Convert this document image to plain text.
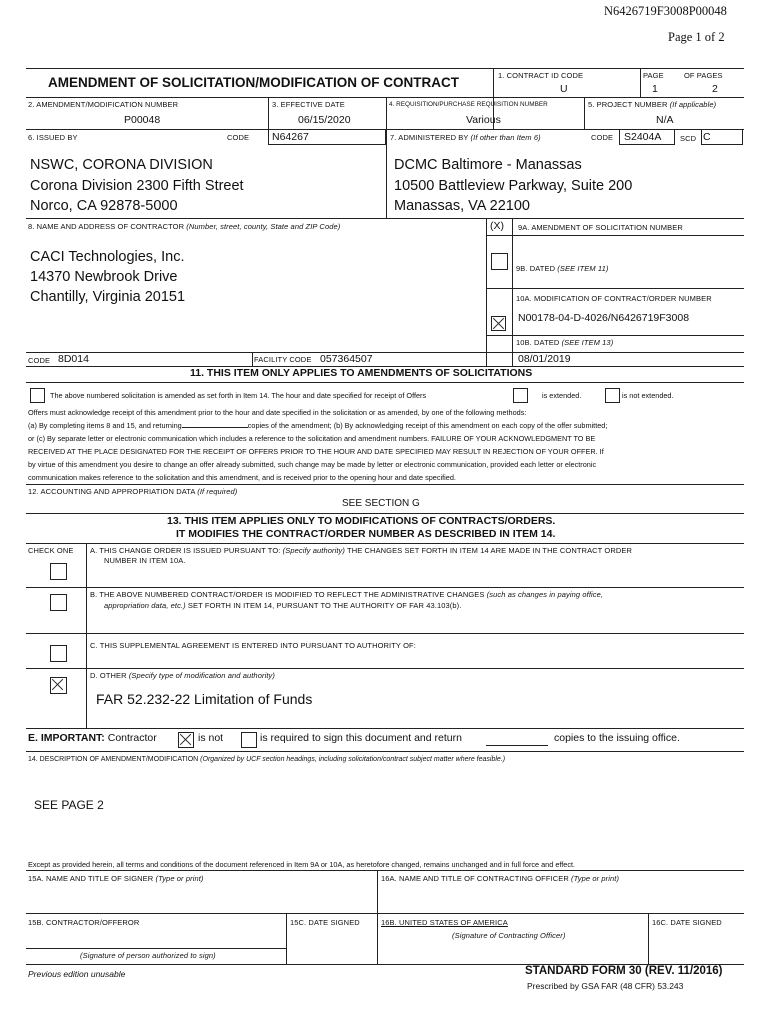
N6426719F3008P00048
Page 1 of 2
AMENDMENT OF SOLICITATION/MODIFICATION OF CONTRACT	1. CONTRACT ID CODE
U
PAGE	OF PAGES
1	2
2. AMENDMENT/MODIFICATION NUMBER
P00048
3. EFFECTIVE DATE
06/15/2020
4. REQUISITION/PURCHASE REQUISITION NUMBER
Various
5. PROJECT NUMBER (If applicable)
N/A
6. ISSUED BY	CODE N64267
NSWC, CORONA DIVISION
Corona Division 2300 Fifth Street
Norco, CA 92878-5000
7. ADMINISTERED BY (If other than Item 6)	CODE S2404A SCD C
DCMC Baltimore - Manassas
10500 Battleview Parkway, Suite 200
Manassas, VA 22100
8. NAME AND ADDRESS OF CONTRACTOR (Number, street, county, State and ZIP Code)
CACI Technologies, Inc.
14370 Newbrook Drive
Chantilly, Virginia 20151
CODE 8D014	FACILITY CODE 057364507
(X) 9A. AMENDMENT OF SOLICITATION NUMBER
9B. DATED (SEE ITEM 11)
10A. MODIFICATION OF CONTRACT/ORDER NUMBER
N00178-04-D-4026/N6426719F3008
10B. DATED (SEE ITEM 13)
08/01/2019
11. THIS ITEM ONLY APPLIES TO AMENDMENTS OF SOLICITATIONS
The above numbered solicitation is amended as set forth in Item 14. The hour and date specified for receipt of Offers	is extended.	is not extended.
Offers must acknowledge receipt of this amendment prior to the hour and date specified in the solicitation or as amended, by one of the following methods:
(a) By completing items 8 and 15, and returning	copies of the amendment; (b) By acknowledging receipt of this amendment on each copy of the offer submitted;
or (c) By separate letter or electronic communication which includes a reference to the solicitation and amendment numbers. FAILURE OF YOUR ACKNOWLEDGMENT TO BE
RECEIVED AT THE PLACE DESIGNATED FOR THE RECEIPT OF OFFERS PRIOR TO THE HOUR AND DATE SPECIFIED MAY RESULT IN REJECTION OF YOUR OFFER. If
by virtue of this amendment you desire to change an offer already submitted, such change may be made by letter or electronic communication, provided each letter or electronic
communication makes reference to the solicitation and this amendment, and is received prior to the opening hour and date specified.
12. ACCOUNTING AND APPROPRIATION DATA (If required)
SEE SECTION G
13. THIS ITEM APPLIES ONLY TO MODIFICATIONS OF CONTRACTS/ORDERS.
IT MODIFIES THE CONTRACT/ORDER NUMBER AS DESCRIBED IN ITEM 14.
CHECK ONE A. THIS CHANGE ORDER IS ISSUED PURSUANT TO: (Specify authority) THE CHANGES SET FORTH IN ITEM 14 ARE MADE IN THE CONTRACT ORDER
NUMBER IN ITEM 10A.
B. THE ABOVE NUMBERED CONTRACT/ORDER IS MODIFIED TO REFLECT THE ADMINISTRATIVE CHANGES (such as changes in paying office,
appropriation data, etc.) SET FORTH IN ITEM 14, PURSUANT TO THE AUTHORITY OF FAR 43.103(b).
C. THIS SUPPLEMENTAL AGREEMENT IS ENTERED INTO PURSUANT TO AUTHORITY OF:
D. OTHER (Specify type of modification and authority)
FAR 52.232-22 Limitation of Funds
E. IMPORTANT: Contractor	is not	is required to sign this document and return	copies to the issuing office.
14. DESCRIPTION OF AMENDMENT/MODIFICATION (Organized by UCF section headings, including solicitation/contract subject matter where feasible.)
SEE PAGE 2
Except as provided herein, all terms and conditions of the document referenced in Item 9A or 10A, as heretofore changed, remains unchanged and in full force and effect.
15A. NAME AND TITLE OF SIGNER (Type or print)	16A. NAME AND TITLE OF CONTRACTING OFFICER (Type or print)
15B. CONTRACTOR/OFFEROR	15C. DATE SIGNED	16B. UNITED STATES OF AMERICA	16C. DATE SIGNED
(Signature of Contracting Officer)
(Signature of person authorized to sign)
Previous edition unusable	STANDARD FORM 30 (REV. 11/2016)
Prescribed by GSA FAR (48 CFR) 53.243
